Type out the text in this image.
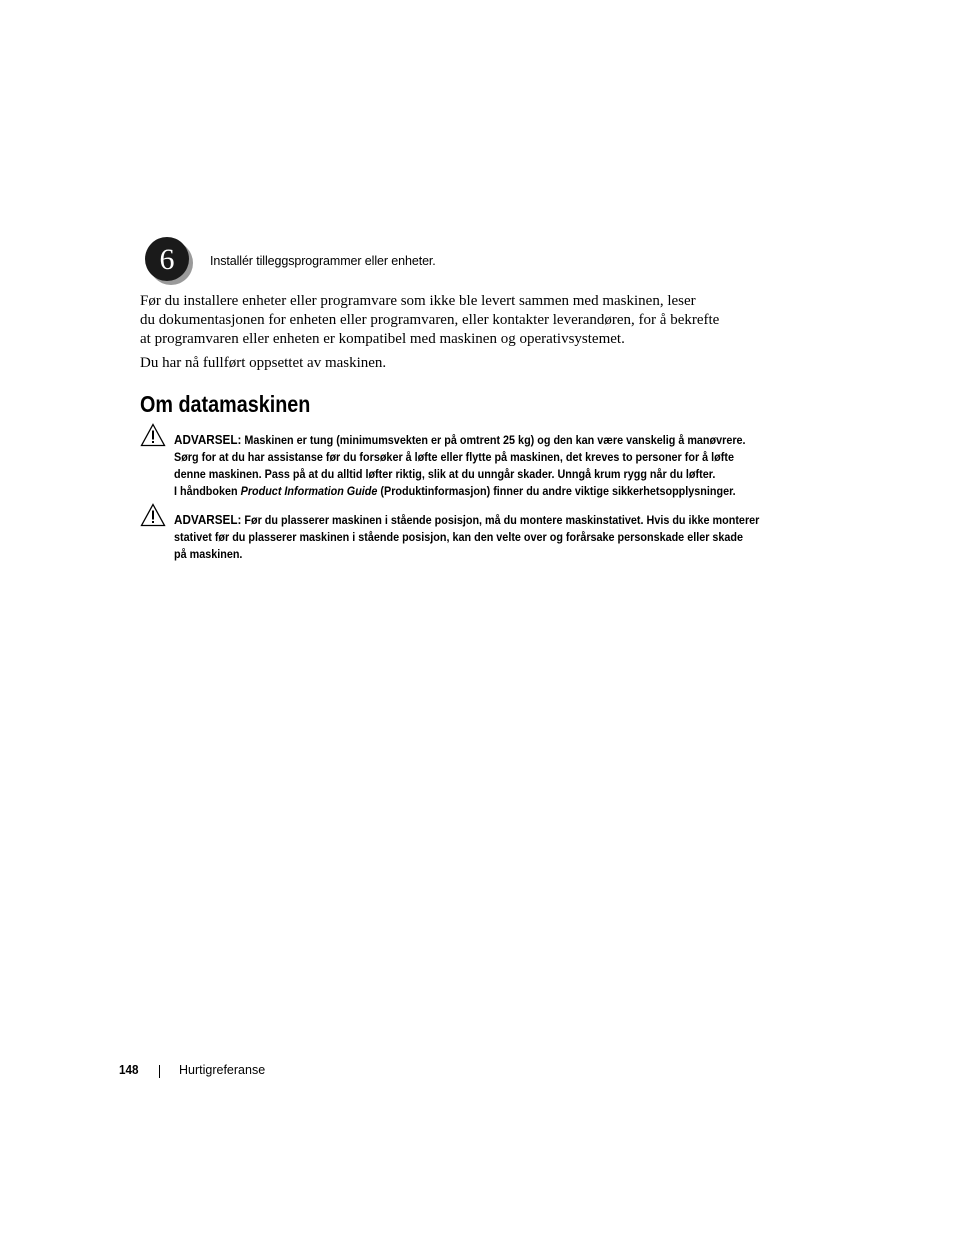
6	Installér tilleggsprogrammer eller enheter.
Før du installere enheter eller programvare som ikke ble levert sammen med maskinen, leser
du dokumentasjonen for enheten eller programvaren, eller kontakter leverandøren, for å bekrefte
at programvaren eller enheten er kompatibel med maskinen og operativsystemet.
Du har nå fullført oppsettet av maskinen.
Om datamaskinen
ADVARSEL: Maskinen er tung (minimumsvekten er på omtrent 25 kg) og den kan være vanskelig å manøvrere.
Sørg for at du har assistanse før du forsøker å løfte eller flytte på maskinen, det kreves to personer for å løfte
denne maskinen. Pass på at du alltid løfter riktig, slik at du unngår skader. Unngå krum rygg når du løfter.
I håndboken Product Information Guide (Produktinformasjon) finner du andre viktige sikkerhetsopplysninger.
ADVARSEL: Før du plasserer maskinen i stående posisjon, må du montere maskinstativet. Hvis du ikke monterer
stativet før du plasserer maskinen i stående posisjon, kan den velte over og forårsake personskade eller skade
på maskinen.
148	Hurtigreferanse
